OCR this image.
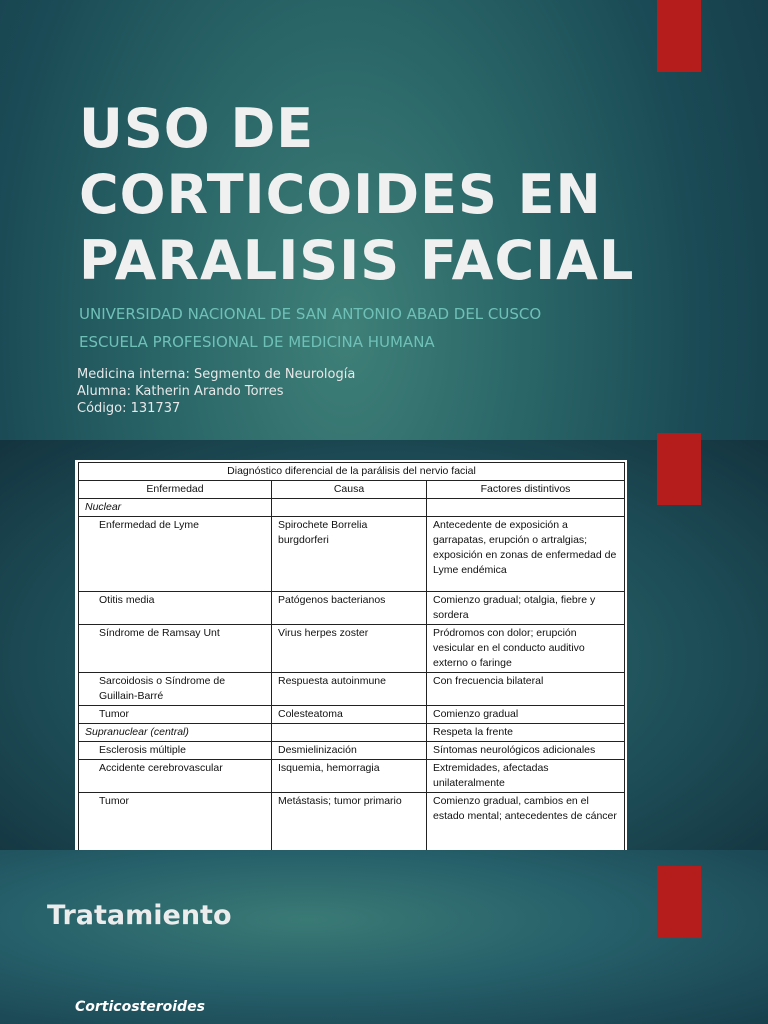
USO DE
CORTICOIDES EN
PARALISIS FACIAL

UNIVERSIDAD NACIONAL DE SAN ANTONIO ABAD DEL CUSCO

ESCUELA PROFESIONAL DE MEDICINA HUMANA

Medicina interna: Segmento de Neurología
Alumna: Katherin Arando Torres
Código: 131737
Diagnóstico diferencial de la parálisis del nervio facial		
Enfermedad	Causa	Factores distintivos
Nuclear		
Enfermedad de Lyme	Spirochete Borrelia burgdorferi	Antecedente de exposición a garrapatas, erupción o artralgias; exposición en zonas de enfermedad de Lyme endémica
Otitis media	Patógenos bacterianos	Comienzo gradual; otalgia, fiebre y sordera
Síndrome de Ramsay Unt	Virus herpes zoster	Pródromos con dolor; erupción vesicular en el conducto auditivo externo o faringe
Sarcoidosis o Síndrome de Guillain-Barré	Respuesta autoinmune	Con frecuencia bilateral
Tumor	Colesteatoma	Comienzo gradual
Supranuclear (central)		Respeta la frente
Esclerosis múltiple	Desmielinización	Síntomas neurológicos adicionales
Accidente cerebrovascular	Isquemia, hemorragia	Extremidades, afectadas unilateralmente
Tumor	Metástasis; tumor primario	Comienzo gradual, cambios en el estado mental; antecedentes de cáncer
Tratamiento
Corticosteroides
